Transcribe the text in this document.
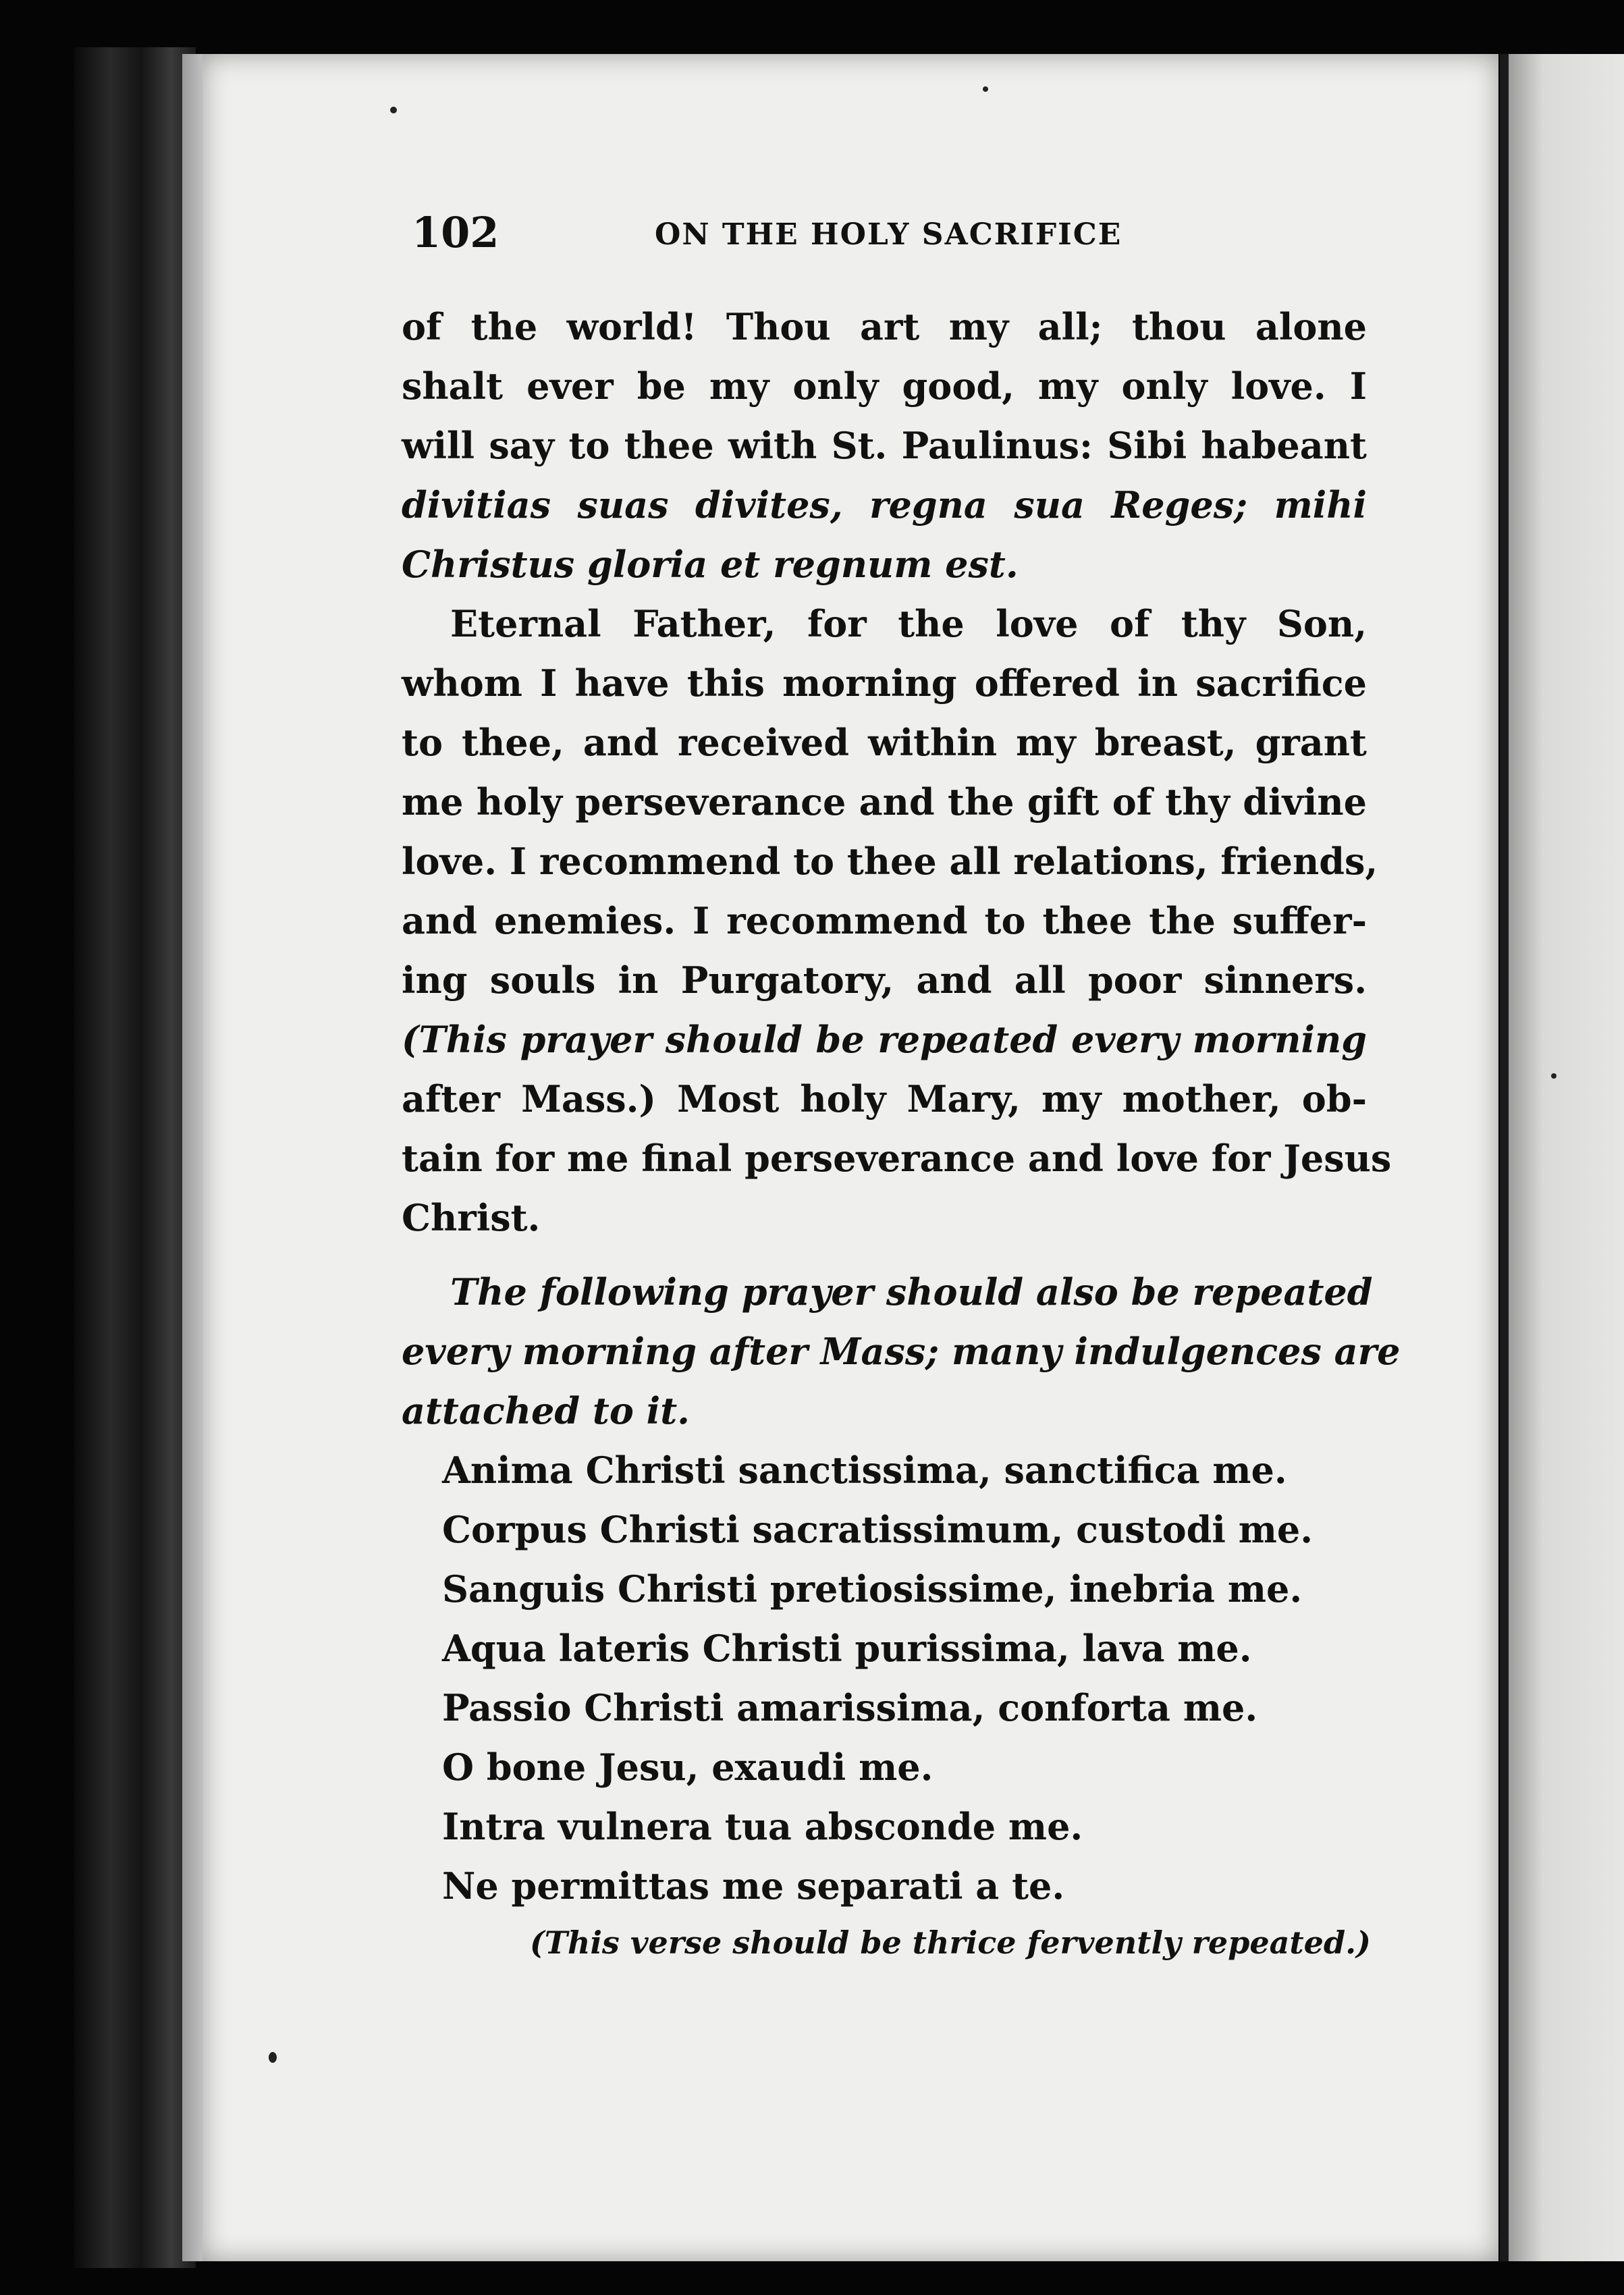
102	ON THE HOLY SACRIFICE
of the world! Thou art my all; thou alone
shalt ever be my only good, my only love. I
will say to thee with St. Paulinus: Sibi habeant
divitias suas divites, regna sua Reges; mihi
Christus gloria et regnum est.
Eternal Father, for the love of thy Son,
whom I have this morning offered in sacrifice
to thee, and received within my breast, grant
me holy perseverance and the gift of thy divine
love. I recommend to thee all relations, friends,
and enemies. I recommend to thee the suffer-
ing souls in Purgatory, and all poor sinners.
(This prayer should be repeated every morning
after Mass.) Most holy Mary, my mother, ob-
tain for me final perseverance and love for Jesus
Christ.
The following prayer should also be repeated
every morning after Mass; many indulgences are
attached to it.
Anima Christi sanctissima, sanctifica me.
Corpus Christi sacratissimum, custodi me.
Sanguis Christi pretiosissime, inebria me.
Aqua lateris Christi purissima, lava me.
Passio Christi amarissima, conforta me.
O bone Jesu, exaudi me.
Intra vulnera tua absconde me.
Ne permittas me separati a te.
(This verse should be thrice fervently repeated.)
